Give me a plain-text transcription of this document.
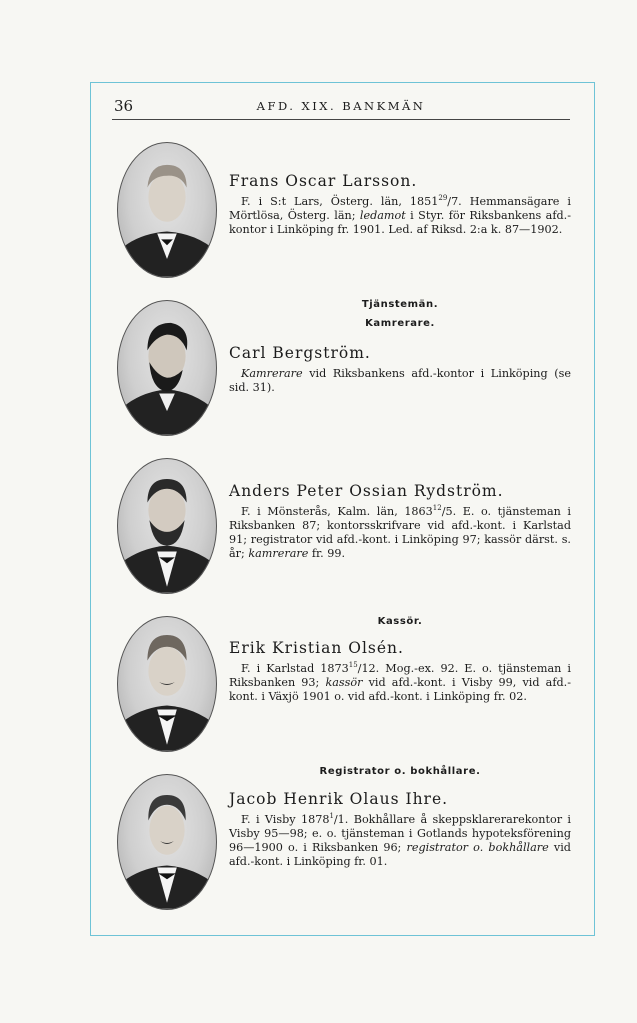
36	AFD. XIX. BANKMÄN
Frans Oscar Larsson.

F. i S:t Lars, Österg. län, 1851$^{29}$/7. Hemmansägare i Mörtlösa, Österg. län; ledamot i Styr. för Riksbankens afd.-kontor i Linköping fr. 1901. Led. af Riksd. 2:a k. 87—1902.

Tjänstemän.
Kamrerare.
Carl Bergström.

Kamrerare vid Riksbankens afd.-kontor i Linköping (se sid. 31).

Anders Peter Ossian Rydström.

F. i Mönsterås, Kalm. län, 1863$^{12}$/5. E. o. tjänsteman i Riksbanken 87; kontorsskrifvare vid afd.-kont. i Karlstad 91; registrator vid afd.-kont. i Linköping 97; kassör därst. s. år; kamrerare fr. 99.

Kassör.
Erik Kristian Olsén.

F. i Karlstad 1873$^{15}$/12. Mog.-ex. 92. E. o. tjänsteman i Riksbanken 93; kassör vid afd.-kont. i Visby 99, vid afd.-kont. i Växjö 1901 o. vid afd.-kont. i Linköping fr. 02.

Registrator o. bokhållare.
Jacob Henrik Olaus Ihre.

F. i Visby 1878$^1$/1. Bokhållare å skeppsklarerarekontor i Visby 95—98; e. o. tjänsteman i Gotlands hypoteksförening 96—1900 o. i Riksbanken 96; registrator o. bokhållare vid afd.-kont. i Linköping fr. 01.
